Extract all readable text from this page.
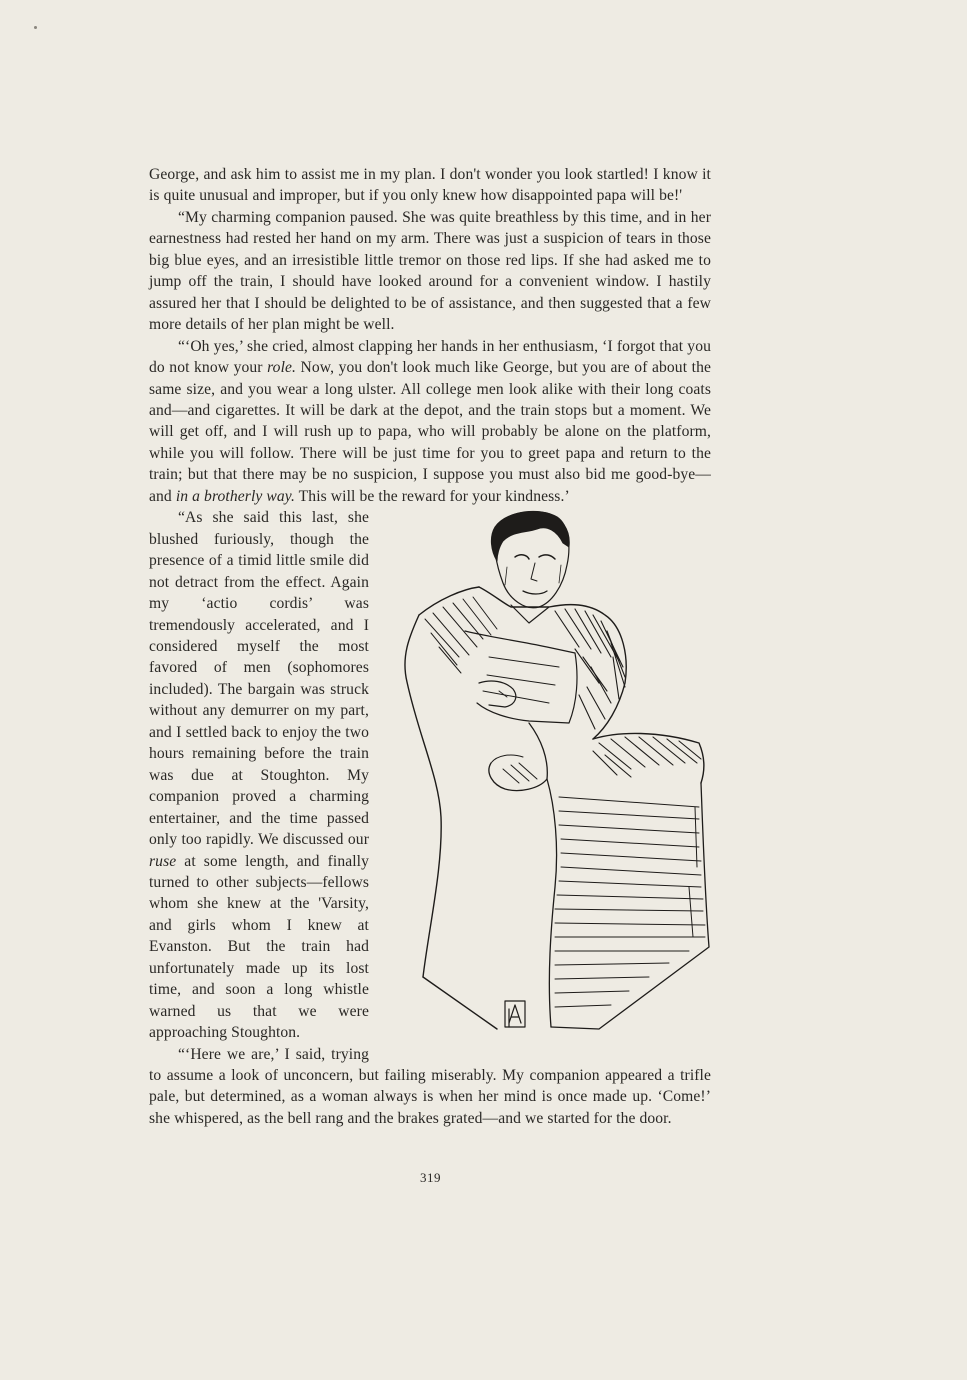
George, and ask him to assist me in my plan. I don't wonder you look startled! I know it is quite unusual and improper, but if you only knew how disappointed papa will be!'

“My charming companion paused. She was quite breathless by this time, and in her earnestness had rested her hand on my arm. There was just a suspicion of tears in those big blue eyes, and an irresistible little tremor on those red lips. If she had asked me to jump off the train, I should have looked around for a convenient window. I hastily assured her that I should be delighted to be of assistance, and then suggested that a few more details of her plan might be well.

“‘Oh yes,’ she cried, almost clapping her hands in her enthusiasm, ‘I forgot that you do not know your role. Now, you don't look much like George, but you are of about the same size, and you wear a long ulster. All college men look alike with their long coats and—and cigarettes. It will be dark at the depot, and the train stops but a moment. We will get off, and I will rush up to papa, who will probably be alone on the platform, while you will follow. There will be just time for you to greet papa and return to the train; but that there may be no suspicion, I suppose you must also bid me good-bye—and in a brotherly way. This will be the reward for your kindness.’

“As she said this last, she blushed furiously, though the presence of a timid little smile did not detract from the effect. Again my ‘actio cordis’ was tremendously accelerated, and I considered myself the most favored of men (sophomores included). The bargain was struck without any demurrer on my part, and I settled back to enjoy the two hours remaining before the train was due at Stoughton. My companion proved a charming entertainer, and the time passed only too rapidly. We discussed our ruse at some length, and finally turned to other subjects—fellows whom she knew at the 'Varsity, and girls whom I knew at Evanston. But the train had unfortunately made up its lost time, and soon a long whistle warned us that we were approaching Stoughton.

“‘Here we are,’ I said, trying to assume a look of unconcern, but failing miserably. My companion appeared a trifle pale, but determined, as a woman always is when her mind is once made up. ‘Come!’ she whispered, as the bell rang and the brakes grated—and we started for the door.

319
